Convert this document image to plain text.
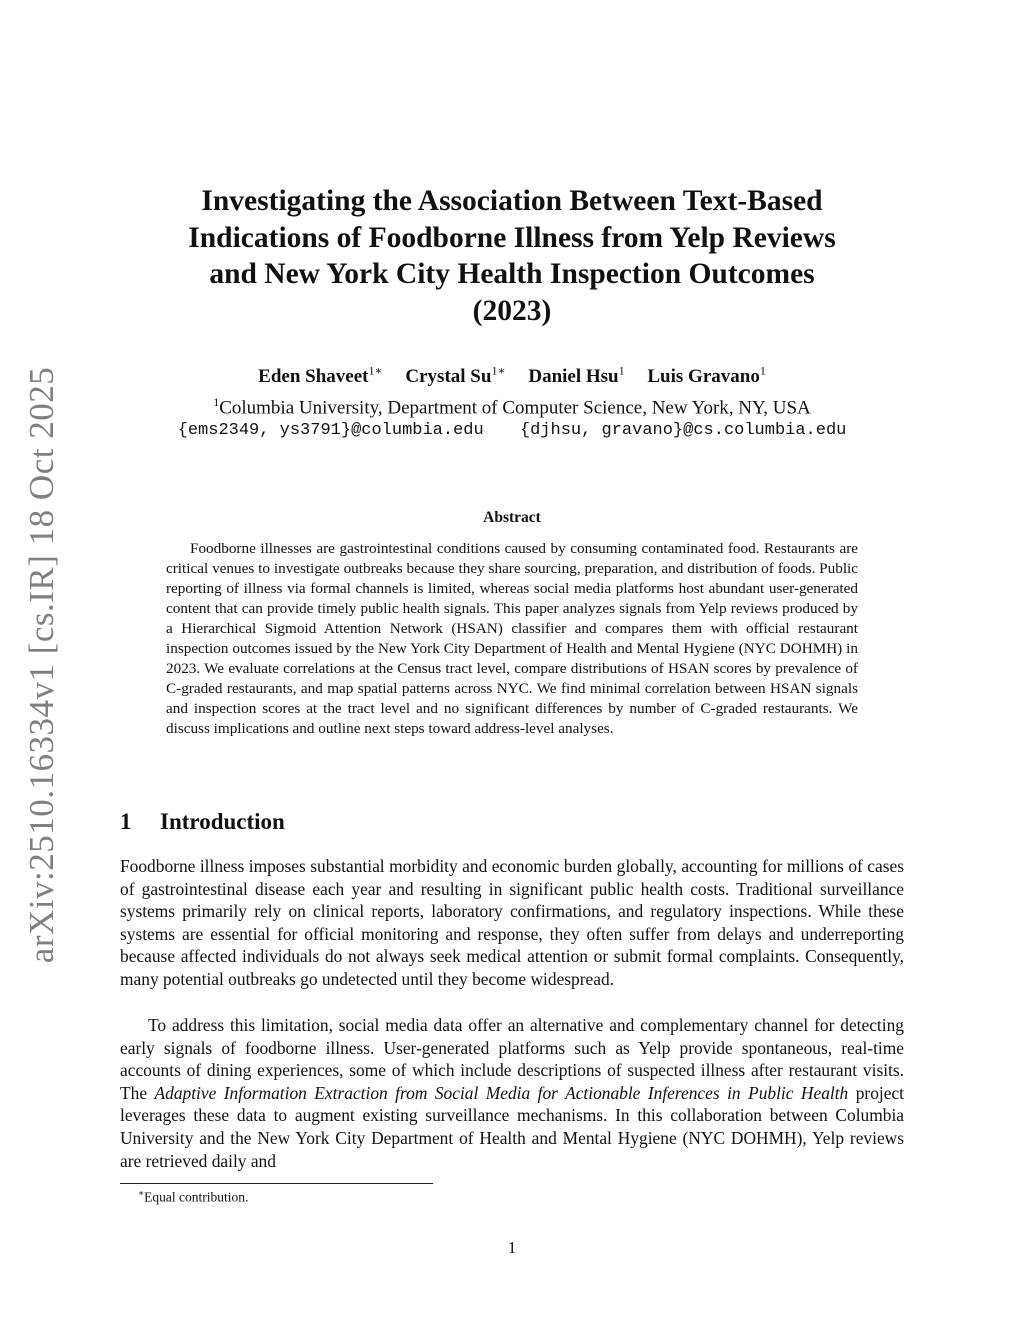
arXiv:2510.16334v1 [cs.IR] 18 Oct 2025
Investigating the Association Between Text-Based
Indications of Foodborne Illness from Yelp Reviews
and New York City Health Inspection Outcomes
(2023)
Eden Shaveet$^{1∗}$ Crystal $Su^{1∗}$ Daniel Hsu$^1$ Luis Gravano$^1$
$^1$Columbia University, Department of Computer Science, New York, NY, USA
{ems2349, ys3791}@columbia.edu {djhsu, gravano}@cs.columbia.edu
Abstract

Foodborne illnesses are gastrointestinal conditions caused by consuming contaminated food. Restaurants are critical venues to investigate outbreaks because they share sourcing, preparation, and distribution of foods. Public reporting of illness via formal channels is limited, whereas social media platforms host abundant user-generated content that can provide timely public health signals. This paper analyzes signals from Yelp reviews produced by a Hierarchical Sigmoid Attention Network (HSAN) classifier and compares them with official restaurant inspection outcomes issued by the New York City Department of Health and Mental Hygiene (NYC DOHMH) in 2023. We evaluate correlations at the Census tract level, compare distributions of HSAN scores by prevalence of C-graded restaurants, and map spatial patterns across NYC. We find minimal correlation between HSAN signals and inspection scores at the tract level and no significant differences by number of C-graded restaurants. We discuss implications and outline next steps toward address-level analyses.

1 Introduction

Foodborne illness imposes substantial morbidity and economic burden globally, accounting for millions of cases of gastrointestinal disease each year and resulting in significant public health costs. Traditional surveillance systems primarily rely on clinical reports, laboratory confirmations, and regulatory inspections. While these systems are essential for official monitoring and response, they often suffer from delays and underreporting because affected individuals do not always seek medical attention or submit formal complaints. Consequently, many potential outbreaks go undetected until they become widespread.

To address this limitation, social media data offer an alternative and complementary channel for detecting early signals of foodborne illness. User-generated platforms such as Yelp provide spontaneous, real-time accounts of dining experiences, some of which include descriptions of suspected illness after restaurant visits. The Adaptive Information Extraction from Social Media for Actionable Inferences in Public Health project leverages these data to augment existing surveillance mechanisms. In this collaboration between Columbia University and the New York City Department of Health and Mental Hygiene (NYC DOHMH), Yelp reviews are retrieved daily and

∗Equal contribution.
1
